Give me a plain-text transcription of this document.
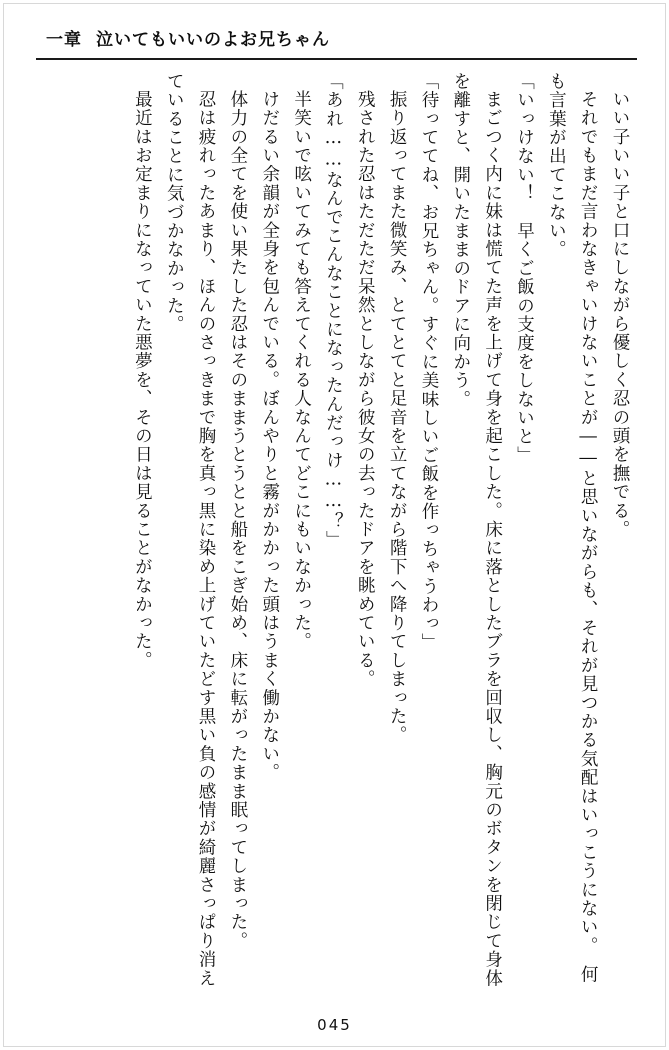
一章 泣いてもいいのよお兄ちゃん

いい子いい子と口にしながら優しく忍の頭を撫でる。

それでもまだ言わなきゃいけないことが――と思いながらも、それが見つかる気配はいっこうにない。　何も言葉が出てこない。

「いっけない！　早くご飯の支度をしないと」

まごつく内に妹は慌てた声を上げて身を起こした。床に落としたブラを回収し、胸元のボタンを閉じて身体を離すと、開いたままのドアに向かう。

「待っててね、お兄ちゃん。すぐに美味しいご飯を作っちゃうわっ」

振り返ってまた微笑み、とてとてと足音を立てながら階下へ降りてしまった。

残された忍はただただ呆然としながら彼女の去ったドアを眺めている。

「あれ……なんでこんなことになったんだっけ……？」

半笑いで呟いてみても答えてくれる人なんてどこにもいなかった。

けだるい余韻が全身を包んでいる。ぼんやりと霧がかかった頭はうまく働かない。

体力の全てを使い果たした忍はそのままうとうとと船をこぎ始め、床に転がったまま眠ってしまった。

忍は疲れったあまり、ほんのさっきまで胸を真っ黒に染め上げていたどす黒い負の感情が綺麗さっぱり消えていることに気づかなかった。

最近はお定まりになっていた悪夢を、その日は見ることがなかった。

045
